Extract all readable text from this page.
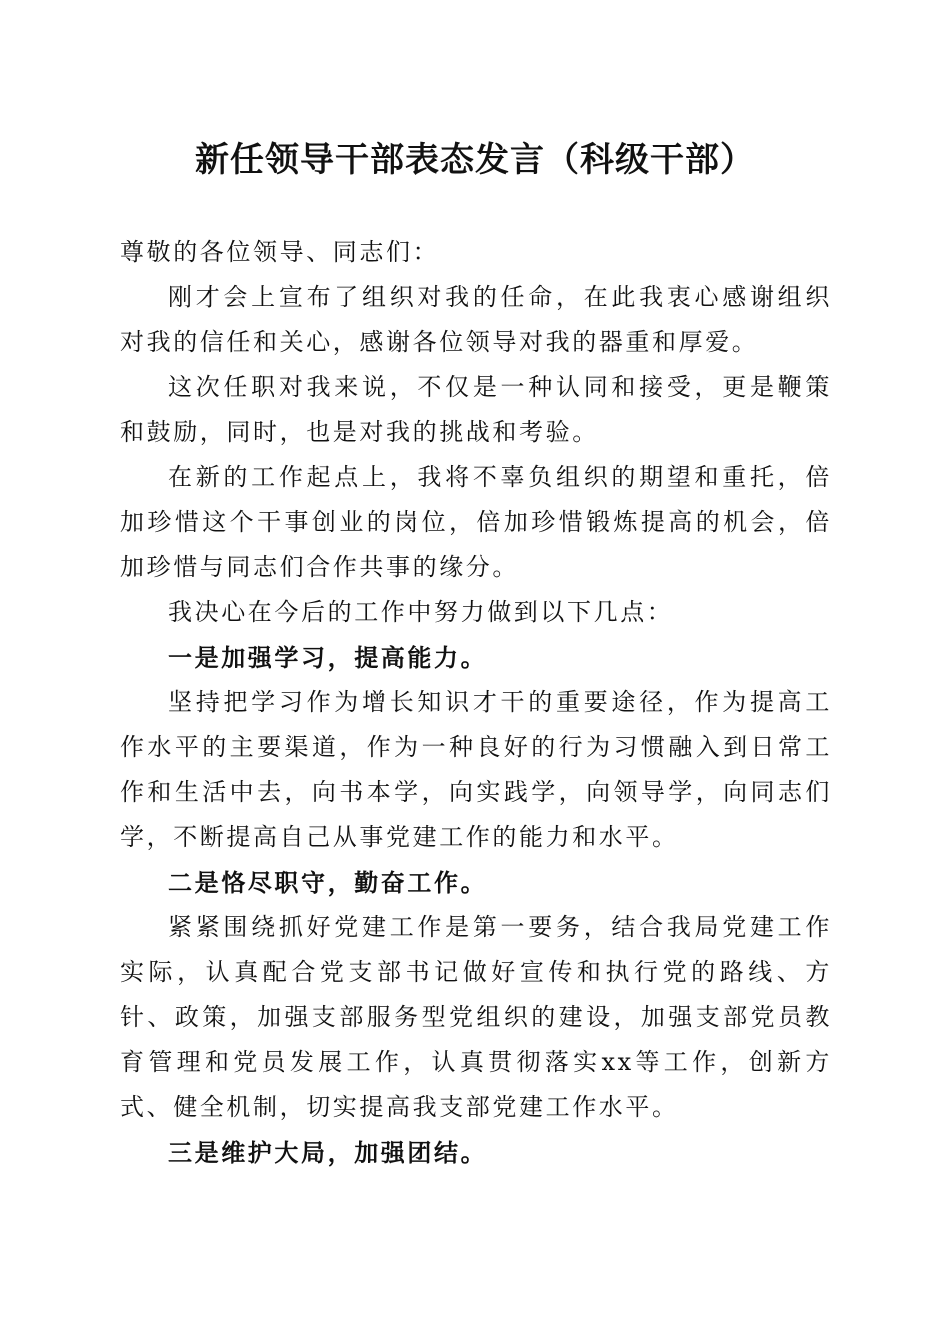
新任领导干部表态发言（科级干部）

尊敬的各位领导、同志们：

刚才会上宣布了组织对我的任命，在此我衷心感谢组织对我的信任和关心，感谢各位领导对我的器重和厚爱。

这次任职对我来说，不仅是一种认同和接受，更是鞭策和鼓励，同时，也是对我的挑战和考验。

在新的工作起点上，我将不辜负组织的期望和重托，倍加珍惜这个干事创业的岗位，倍加珍惜锻炼提高的机会，倍加珍惜与同志们合作共事的缘分。

我决心在今后的工作中努力做到以下几点：

一是加强学习，提高能力。

坚持把学习作为增长知识才干的重要途径，作为提高工作水平的主要渠道，作为一种良好的行为习惯融入到日常工作和生活中去，向书本学，向实践学，向领导学，向同志们学，不断提高自己从事党建工作的能力和水平。

二是恪尽职守，勤奋工作。

紧紧围绕抓好党建工作是第一要务，结合我局党建工作实际，认真配合党支部书记做好宣传和执行党的路线、方针、政策，加强支部服务型党组织的建设，加强支部党员教育管理和党员发展工作，认真贯彻落实xx等工作，创新方式、健全机制，切实提高我支部党建工作水平。

三是维护大局，加强团结。
